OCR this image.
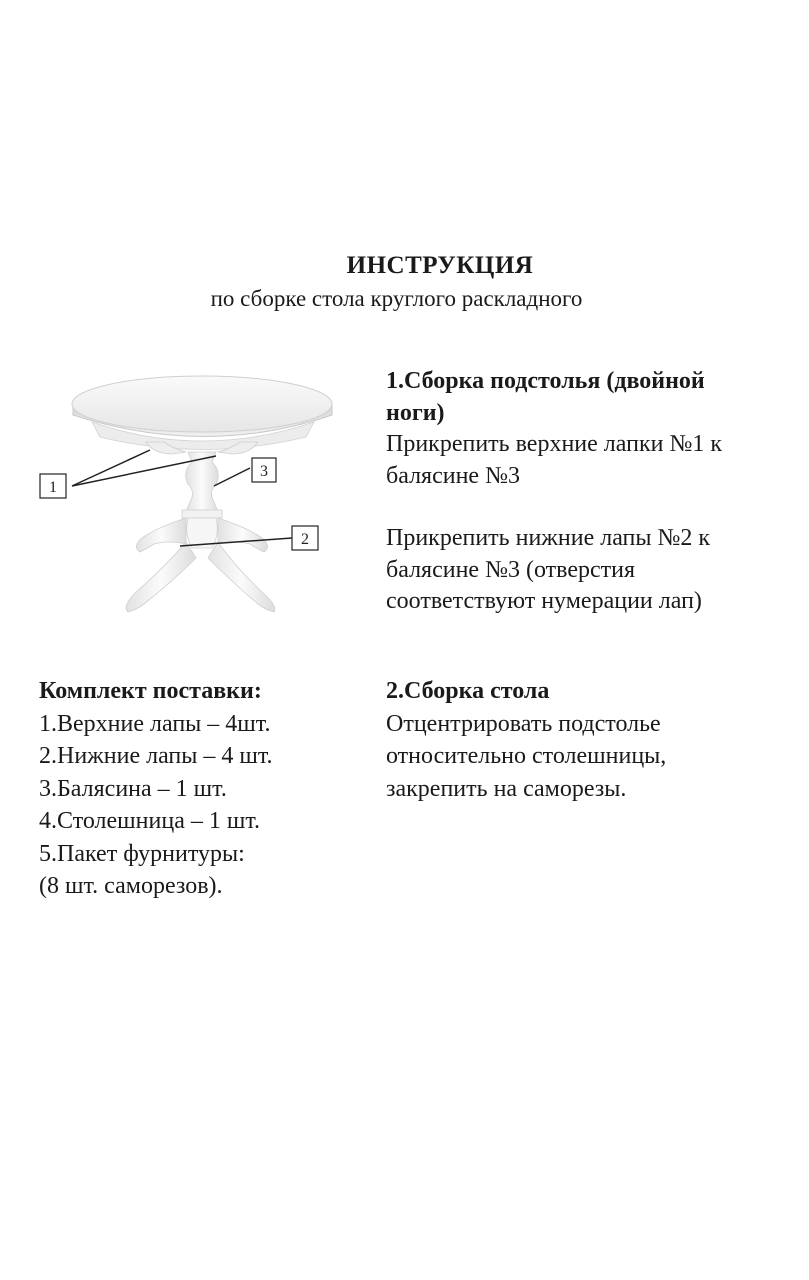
ИНСТРУКЦИЯ
по сборке стола круглого раскладного
1
3
2
1.Сборка подстолья (двойной
ноги)
Прикрепить верхние лапки №1 к
балясине №3
Прикрепить нижние лапы №2 к
балясине №3 (отверстия
соответствуют нумерации лап)
Комплект поставки:
1.Верхние лапы – 4шт.
2.Нижние лапы – 4 шт.
3.Балясина – 1 шт.
4.Столешница – 1 шт.
5.Пакет фурнитуры:
(8 шт. саморезов).
2.Сборка стола
Отцентрировать подстолье
относительно столешницы,
закрепить на саморезы.
